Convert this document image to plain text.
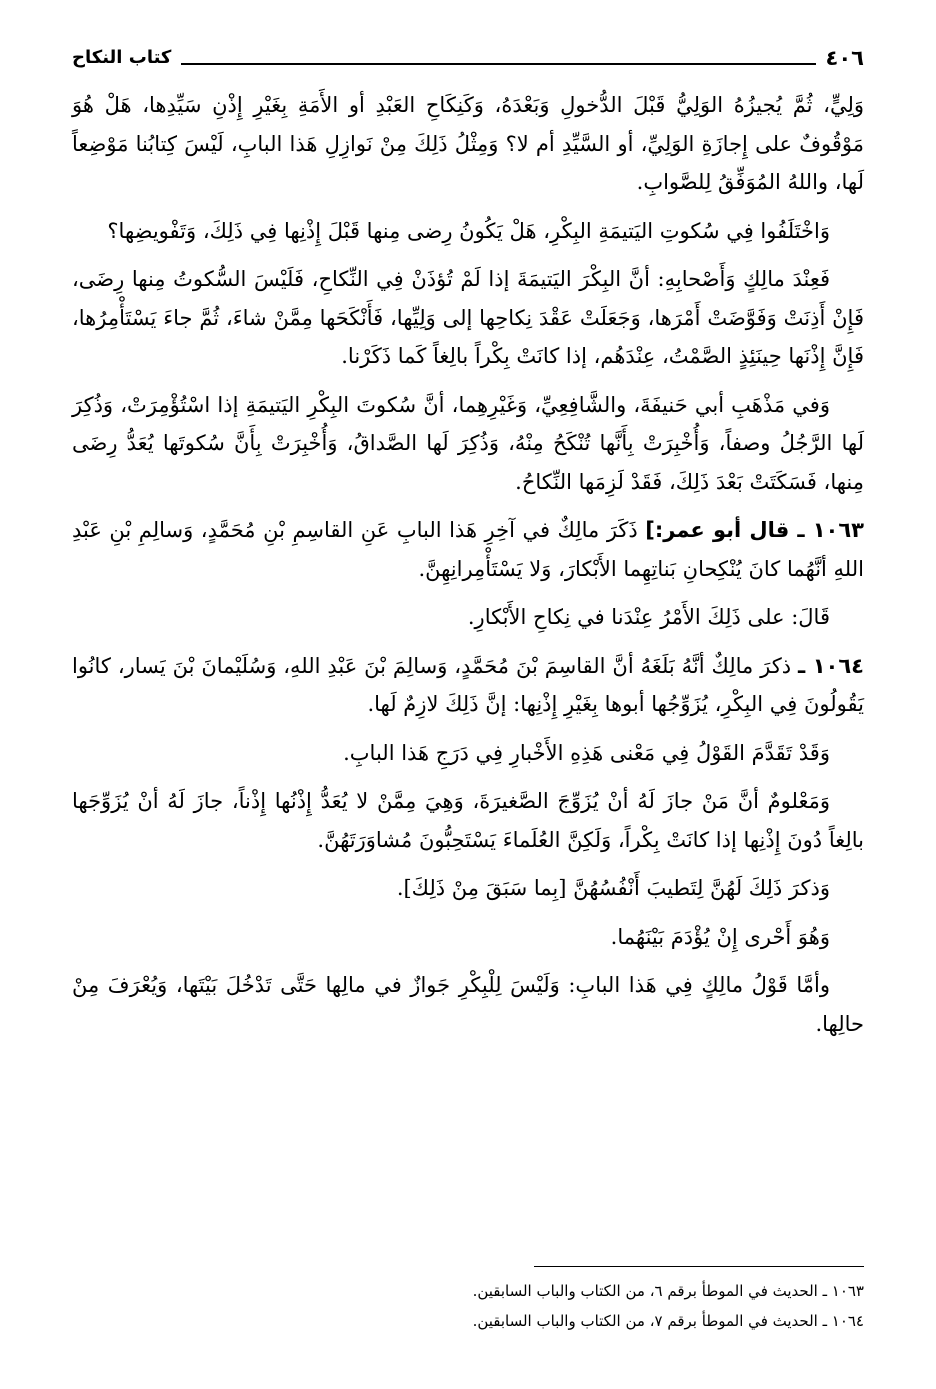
٤٠٦
كتاب النكاح

وَلِيٍّ، ثُمَّ يُجيزُهُ الوَلِيُّ قَبْلَ الدُّخولِ وَبَعْدَهُ، وَكَنِكَاحِ العَبْدِ أو الأَمَةِ بِغَيْرِ إِذْنِ سَيِّدِها، هَلْ هُوَ مَوْقُوفٌ على إِجازَةِ الوَلِيِّ، أو السَّيِّدِ أم لا؟ وَمِثْلُ ذَلِكَ مِنْ نَوازِلِ هَذا البابِ، لَيْسَ كِتابُنا مَوْضِعاً لَها، واللهُ المُوَفِّقُ لِلصَّوابِ.

وَاخْتَلَفُوا فِي سُكوتِ اليَتيمَةِ البِكْرِ، هَلْ يَكُونُ رِضى مِنها قَبْلَ إِذْنِها فِي ذَلِكَ، وَتَفْويضِها؟

فَعِنْدَ مالِكٍ وَأَصْحابِهِ: أنَّ البِكْرَ اليَتيمَةَ إذا لَمْ تُؤذَنْ فِي النِّكاحِ، فَلَيْسَ السُّكوتُ مِنها رِضَى، فَإِنْ أَذِنَتْ وَفَوَّضَتْ أَمْرَها، وَجَعَلَتْ عَقْدَ نِكاحِها إلى وَلِيِّها، فَأَنْكَحَها مِمَّنْ شاءَ، ثُمَّ جاءَ يَسْتَأْمِرُها، فَإِنَّ إِذْنَها حِينَئِذٍ الصَّمْتُ، عِنْدَهُم، إذا كانَتْ بِكْراً بالِغاً كَما ذَكَرْنا.

وَفي مَذْهَبِ أبي حَنيفَةَ، والشَّافِعِيِّ، وَغَيْرِهِما، أنَّ سُكوتَ البِكْرِ اليَتيمَةِ إذا اسْتُؤْمِرَتْ، وَذُكِرَ لَها الرَّجُلُ وصفاً، وَأُخْبِرَتْ بِأَنَّها تُنْكَحُ مِنْهُ، وَذُكِرَ لَها الصَّداقُ، وَأُخْبِرَتْ بِأَنَّ سُكوتَها يُعَدُّ رِضَى مِنها، فَسَكَتَتْ بَعْدَ ذَلِكَ، فَقَدْ لَزِمَها النِّكاحُ.

١٠٦٣ ـ قال أبو عمر:] ذَكَرَ مالِكٌ في آخِرِ هَذا البابِ عَنِ القاسِمِ بْنِ مُحَمَّدٍ، وَسالِمِ بْنِ عَبْدِ اللهِ أنَّهُما كانَ يُنْكِحانِ بَناتِهِما الأَبْكارَ، وَلا يَسْتَأْمِرانِهِنَّ.

قَالَ: على ذَلِكَ الأَمْرُ عِنْدَنا في نِكاحِ الأَبْكارِ.

١٠٦٤ ـ ذكرَ مالِكٌ أنَّهُ بَلَغَهُ أنَّ القاسِمَ بْنَ مُحَمَّدٍ، وَسالِمَ بْنَ عَبْدِ اللهِ، وَسُلَيْمانَ بْنَ يَسار، كانُوا يَقُولُونَ فِي البِكْرِ، يُزَوِّجُها أبوها بِغَيْرِ إِذْنِها: إنَّ ذَلِكَ لازِمٌ لَها.

وَقَدْ تَقَدَّمَ القَوْلُ فِي مَعْنى هَذِهِ الأَخْبارِ فِي دَرَجِ هَذا البابِ.

وَمَعْلومٌ أنَّ مَنْ جازَ لَهُ أنْ يُزَوِّجَ الصَّغيرَةَ، وَهِيَ مِمَّنْ لا يُعَدُّ إِذْنُها إِذْناً، جازَ لَهُ أنْ يُزَوِّجَها بالِغاً دُونَ إِذْنِها إذا كانَتْ بِكْراً، وَلَكِنَّ العُلَماءَ يَسْتَحِبُّونَ مُشاوَرَتَهُنَّ.

وَذكرَ ذَلِكَ لَهُنَّ لِتَطيبَ أَنْفُسُهُنَّ [بِما سَبَقَ مِنْ ذَلِكَ].

وَهُوَ أَحْرى إِنْ يُؤْدَمَ بَيْنَهُما.

وأمَّا قَوْلُ مالِكٍ فِي هَذا البابِ: وَلَيْسَ لِلْبِكْرِ جَوازٌ في مالِها حَتَّى تَدْخُلَ بَيْتَها، وَيُعْرَفَ مِنْ حالِها.

١٠٦٣ ـ الحديث في الموطأ برقم ٦، من الكتاب والباب السابقين.

١٠٦٤ ـ الحديث في الموطأ برقم ٧، من الكتاب والباب السابقين.
